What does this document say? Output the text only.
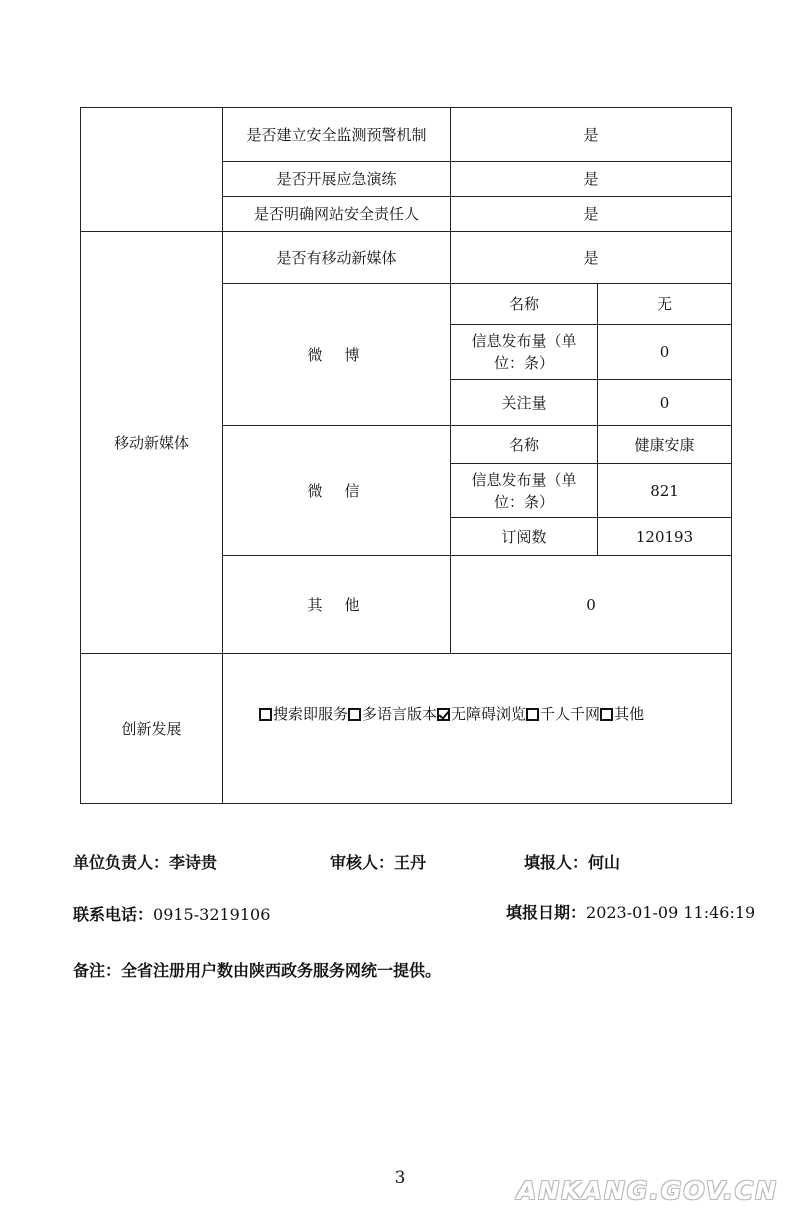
	是否建立安全监测预警机制	是	
	是否开展应急演练	是	
	是否明确网站安全责任人	是	
移动新媒体	是否有移动新媒体	是	
	微博	名称	无
		信息发布量（单位：条）	0
		关注量	0
	微信	名称	健康安康
		信息发布量（单位：条）	821
		订阅数	120193
	其他	0	
创新发展	搜索即服务 多语言版本 无障碍浏览 千人千网 其他		
单位负责人：李诗贵	审核人：王丹	填报人：何山
联系电话：0915-3219106	填报日期：2023-01-09 11:46:19
备注：全省注册用户数由陕西政务服务网统一提供。
3	ANKANG.GOV.CN
